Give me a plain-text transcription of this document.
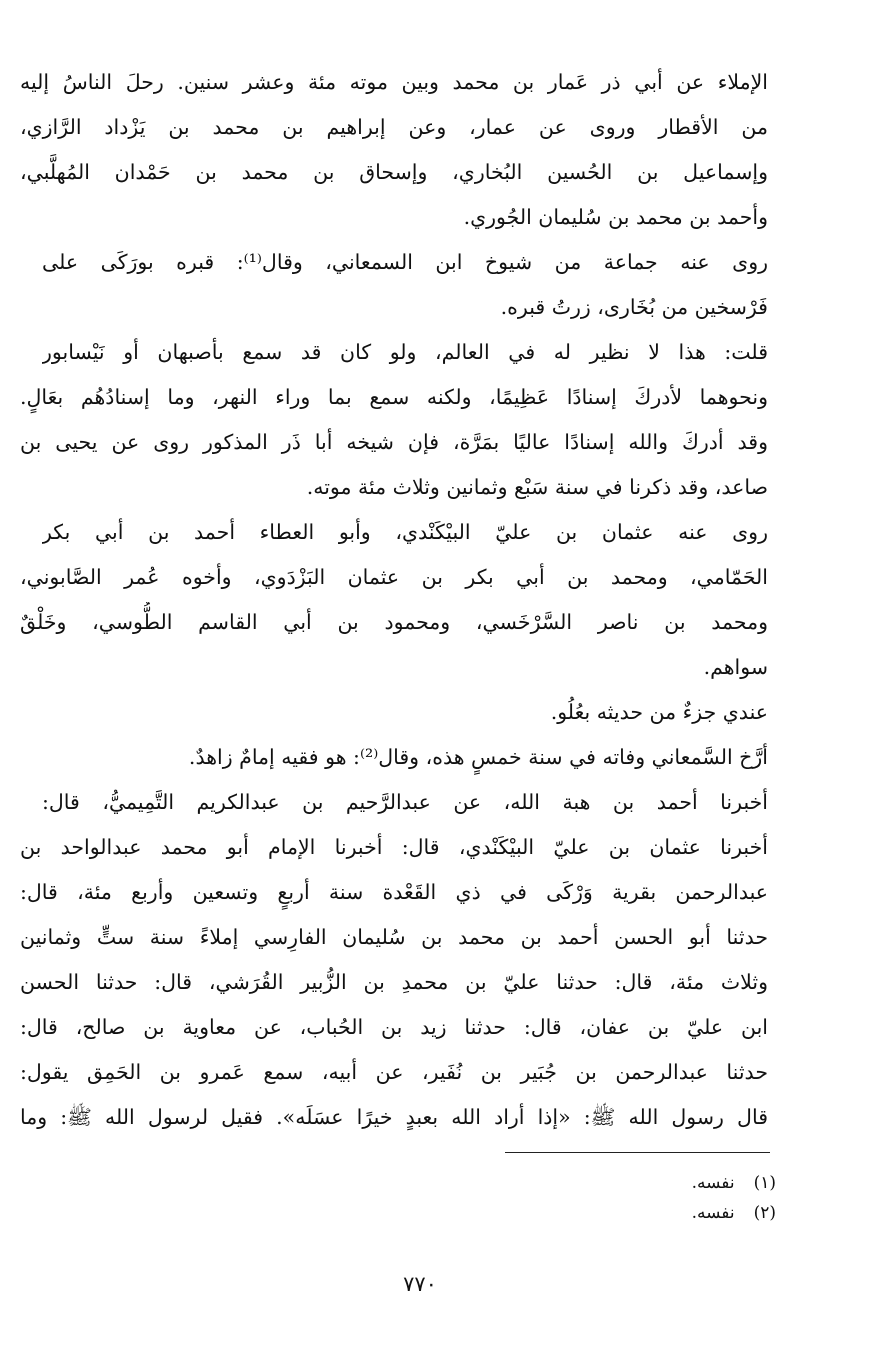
الإملاء عن أبي ذر عَمار بن محمد وبين موته مئة وعشر سنين. رحلَ الناسُ إليه
من الأقطار وروى عن عمار، وعن إبراهيم بن محمد بن يَزْداد الرَّازي،
وإسماعيل بن الحُسين البُخاري، وإسحاق بن محمد بن حَمْدان المُهلَّبي،
وأحمد بن محمد بن سُليمان الجُوري.
روى عنه جماعة من شيوخ ابن السمعاني، وقال⁽¹⁾: قبره بورَكَى على
فَرْسخين من بُخَارى، زرتُ قبره.
قلت: هذا لا نظير له في العالم، ولو كان قد سمع بأصبهان أو نَيْسابور
ونحوهما لأدركَ إسنادًا عَظِيمًا، ولكنه سمع بما وراء النهر، وما إسنادُهُم بعَالٍ.
وقد أدركَ والله إسنادًا عاليًا بمَرَّة، فإن شيخه أبا ذَر المذكور روى عن يحيى بن
صاعد، وقد ذكرنا في سنة سَبْع وثمانين وثلاث مئة موته.
روى عنه عثمان بن عليّ البيْكَنْدي، وأبو العطاء أحمد بن أبي بكر
الحَمّامي، ومحمد بن أبي بكر بن عثمان البَزْدَوي، وأخوه عُمر الصَّابوني،
ومحمد بن ناصر السَّرْخَسي، ومحمود بن أبي القاسم الطُّوسي، وخَلْقٌ
سواهم.
عندي جزءٌ من حديثه بعُلُو.
أرَّخ السَّمعاني وفاته في سنة خمسٍ هذه، وقال⁽²⁾: هو فقيه إمامٌ زاهدٌ.
أخبرنا أحمد بن هبة الله، عن عبدالرَّحيم بن عبدالكريم التَّمِيميُّ، قال:
أخبرنا عثمان بن عليّ البيْكَنْدي، قال: أخبرنا الإمام أبو محمد عبدالواحد بن
عبدالرحمن بقرية وَرْكَى في ذي القَعْدة سنة أربعٍ وتسعين وأربع مئة، قال:
حدثنا أبو الحسن أحمد بن محمد بن سُليمان الفارِسي إملاءً سنة ستٍّ وثمانين
وثلاث مئة، قال: حدثنا عليّ بن محمدِ بن الزُّبير القُرَشي، قال: حدثنا الحسن
ابن عليّ بن عفان، قال: حدثنا زيد بن الحُباب، عن معاوية بن صالح، قال:
حدثنا عبدالرحمن بن جُبَير بن نُفَير، عن أبيه، سمع عَمرو بن الحَمِق يقول:
قال رسول الله ﷺ: «إذا أراد الله بعبدٍ خيرًا عسَلَه». فقيل لرسول الله ﷺ: وما
(١) نفسه.
(٢) نفسه.
٧٧٠
